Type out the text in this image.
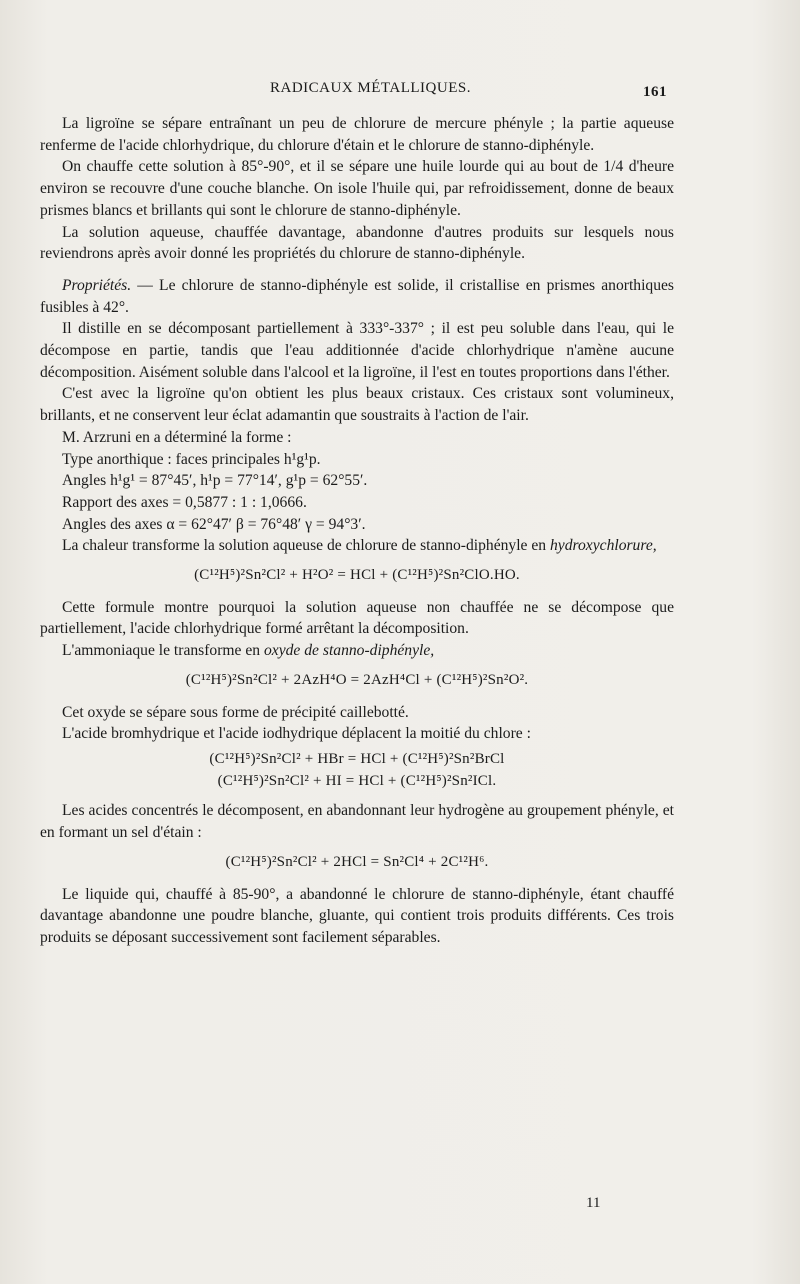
RADICAUX MÉTALLIQUES.	161

La ligroïne se sépare entraînant un peu de chlorure de mercure phényle ; la partie aqueuse renferme de l'acide chlorhydrique, du chlorure d'étain et le chlorure de stanno-diphényle.

On chauffe cette solution à 85°-90°, et il se sépare une huile lourde qui au bout de 1/4 d'heure environ se recouvre d'une couche blanche. On isole l'huile qui, par refroidissement, donne de beaux prismes blancs et brillants qui sont le chlorure de stanno-diphényle.

La solution aqueuse, chauffée davantage, abandonne d'autres produits sur lesquels nous reviendrons après avoir donné les propriétés du chlorure de stanno-diphényle.

Propriétés. — Le chlorure de stanno-diphényle est solide, il cristallise en prismes anorthiques fusibles à 42°.

Il distille en se décomposant partiellement à 333°-337° ; il est peu soluble dans l'eau, qui le décompose en partie, tandis que l'eau additionnée d'acide chlorhydrique n'amène aucune décomposition. Aisément soluble dans l'alcool et la ligroïne, il l'est en toutes proportions dans l'éther.

C'est avec la ligroïne qu'on obtient les plus beaux cristaux. Ces cristaux sont volumineux, brillants, et ne conservent leur éclat adamantin que soustraits à l'action de l'air.

M. Arzruni en a déterminé la forme :

Type anorthique : faces principales h¹g¹p.

Angles h¹g¹ = 87°45′, h¹p = 77°14′, g¹p = 62°55′.

Rapport des axes = 0,5877 : 1 : 1,0666.

Angles des axes α = 62°47′ β = 76°48′ γ = 94°3′.

La chaleur transforme la solution aqueuse de chlorure de stanno-diphényle en hydroxychlorure,

(C¹²H⁵)²Sn²Cl² + H²O² = HCl + (C¹²H⁵)²Sn²ClO.HO.

Cette formule montre pourquoi la solution aqueuse non chauffée ne se décompose que partiellement, l'acide chlorhydrique formé arrêtant la décomposition.

L'ammoniaque le transforme en oxyde de stanno-diphényle,

(C¹²H⁵)²Sn²Cl² + 2AzH⁴O = 2AzH⁴Cl + (C¹²H⁵)²Sn²O².

Cet oxyde se sépare sous forme de précipité caillebotté.

L'acide bromhydrique et l'acide iodhydrique déplacent la moitié du chlore :

(C¹²H⁵)²Sn²Cl² + HBr = HCl + (C¹²H⁵)²Sn²BrCl
(C¹²H⁵)²Sn²Cl² + HI = HCl + (C¹²H⁵)²Sn²ICl.

Les acides concentrés le décomposent, en abandonnant leur hydrogène au groupement phényle, et en formant un sel d'étain :

(C¹²H⁵)²Sn²Cl² + 2HCl = Sn²Cl⁴ + 2C¹²H⁶.

Le liquide qui, chauffé à 85-90°, a abandonné le chlorure de stanno-diphényle, étant chauffé davantage abandonne une poudre blanche, gluante, qui contient trois produits différents. Ces trois produits se déposant successivement sont facilement séparables.

11
